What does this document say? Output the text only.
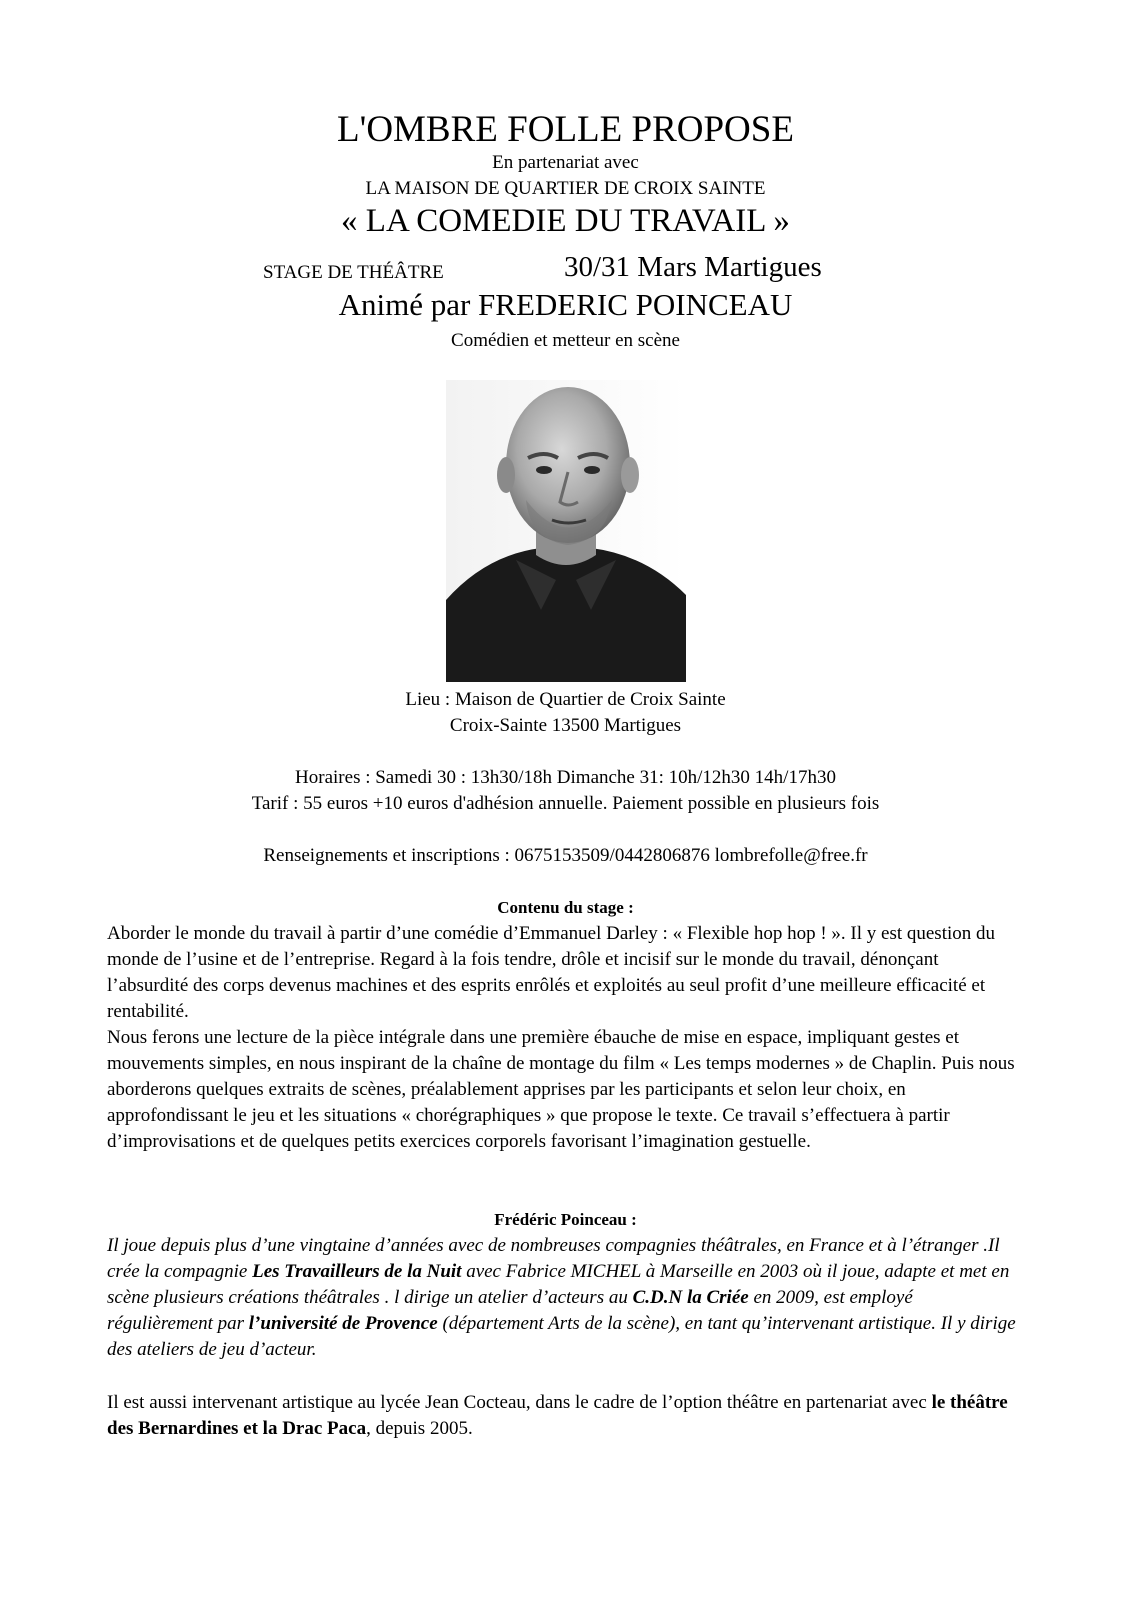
L'OMBRE FOLLE PROPOSE
En partenariat avec
LA MAISON DE QUARTIER DE CROIX SAINTE
« LA COMEDIE DU TRAVAIL »
STAGE DE THÉÂTRE	30/31 Mars Martigues
Animé par FREDERIC POINCEAU
Comédien et metteur en scène
Lieu : Maison de Quartier de Croix Sainte
Croix-Sainte 13500 Martigues
Horaires : Samedi 30 : 13h30/18h Dimanche 31: 10h/12h30 14h/17h30
Tarif : 55 euros +10 euros d'adhésion annuelle. Paiement possible en plusieurs fois
Renseignements et inscriptions : 0675153509/0442806876 lombrefolle@free.fr
Contenu du stage :
Aborder le monde du travail à partir d’une comédie d’Emmanuel Darley : « Flexible hop hop ! ». Il y est question du monde de l’usine et de l’entreprise. Regard à la fois tendre, drôle et incisif sur le monde du travail, dénonçant l’absurdité des corps devenus machines et des esprits enrôlés et exploités au seul profit d’une meilleure efficacité et rentabilité.
Nous ferons une lecture de la pièce intégrale dans une première ébauche de mise en espace, impliquant gestes et mouvements simples, en nous inspirant de la chaîne de montage du film « Les temps modernes » de Chaplin. Puis nous aborderons quelques extraits de scènes, préalablement apprises par les participants et selon leur choix, en approfondissant le jeu et les situations « chorégraphiques » que propose le texte. Ce travail s’effectuera à partir d’improvisations et de quelques petits exercices corporels favorisant l’imagination gestuelle.
Frédéric Poinceau :
Il joue depuis plus d’une vingtaine d’années avec de nombreuses compagnies théâtrales, en France et à l’étranger .Il crée la compagnie Les Travailleurs de la Nuit avec Fabrice MICHEL à Marseille en 2003 où il joue, adapte et met en scène plusieurs créations théâtrales . l dirige un atelier d’acteurs au C.D.N la Criée en 2009, est employé régulièrement par l’université de Provence (département Arts de la scène), en tant qu’intervenant artistique. Il y dirige des ateliers de jeu d’acteur.
Il est aussi intervenant artistique au lycée Jean Cocteau, dans le cadre de l’option théâtre en partenariat avec le théâtre des Bernardines et la Drac Paca, depuis 2005.
